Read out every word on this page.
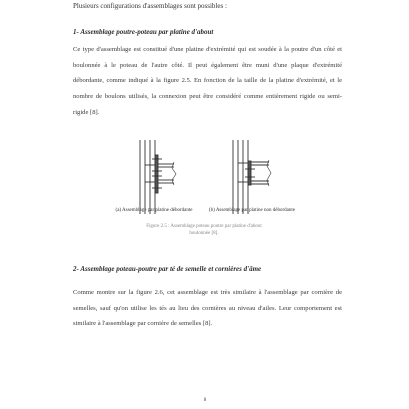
Plusieurs configurations d'assemblages sont possibles :

1- Assemblage poutre-poteau par platine d'about

Ce type d'assemblage est constitué d'une platine d'extrémité qui est soudée à la poutre d'un côté et boulonnée à le poteau de l'autre côté. Il peut également être muni d'une plaque d'extrémité débordante, comme indiqué à la figure 2.5. En fonction de la taille de la platine d'extrémité, et le nombre de boulons utilisés, la connexion peut être considéré comme entièrement rigide ou semi-rigide [8].

(a) Assemblage par platine débordante	(b) Assemblage par platine non débordante

Figure 2.5 : Assemblage poteau poutre par platine d'about boulonnée [8].

2- Assemblage poteau-poutre par té de semelle et cornières d'âme

Comme montre sur la figure 2.6, cet assemblage est très similaire à l'assemblage par cornière de semelles, sauf qu'on utilise les tés au lieu des cornières au niveau d'ailes. Leur comportement est similaire à l'assemblage par cornière de semelles [8].

8
